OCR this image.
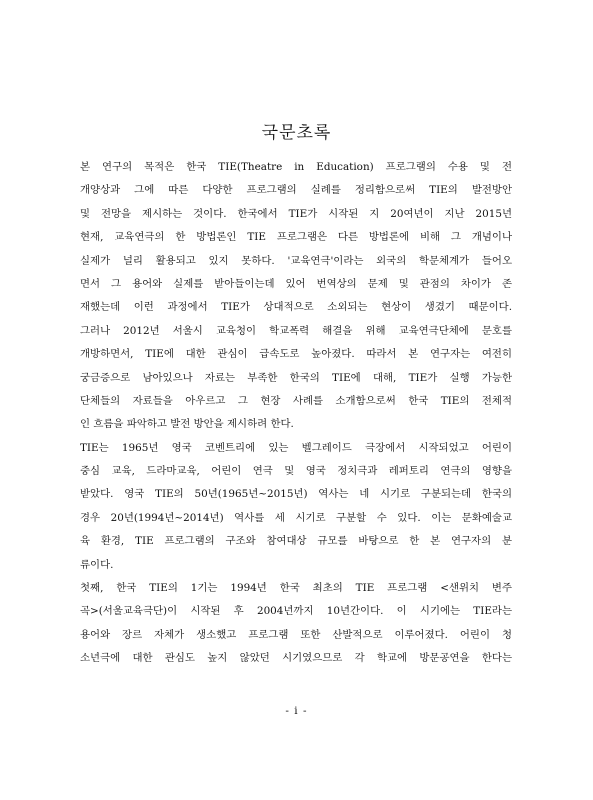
국문초록
본 연구의 목적은 한국 TIE(Theatre in Education) 프로그램의 수용 및 전
개양상과 그에 따른 다양한 프로그램의 실례를 정리함으로써 TIE의 발전방안
및 전망을 제시하는 것이다. 한국에서 TIE가 시작된 지 20여년이 지난 2015년
현재, 교육연극의 한 방법론인 TIE 프로그램은 다른 방법론에 비해 그 개념이나
실제가 널리 활용되고 있지 못하다. '교육연극'이라는 외국의 학문체계가 들어오
면서 그 용어와 실제를 받아들이는데 있어 번역상의 문제 및 관점의 차이가 존
재했는데 이런 과정에서 TIE가 상대적으로 소외되는 현상이 생겼기 때문이다.
그러나 2012년 서울시 교육청이 학교폭력 해결을 위해 교육연극단체에 문호를
개방하면서, TIE에 대한 관심이 급속도로 높아졌다. 따라서 본 연구자는 여전히
궁금증으로 남아있으나 자료는 부족한 한국의 TIE에 대해, TIE가 실행 가능한
단체들의 자료들을 아우르고 그 현장 사례를 소개함으로써 한국 TIE의 전체적
인 흐름을 파악하고 발전 방안을 제시하려 한다.
TIE는 1965년 영국 코벤트리에 있는 벨그레이드 극장에서 시작되었고 어린이
중심 교육, 드라마교육, 어린이 연극 및 영국 정치극과 레퍼토리 연극의 영향을
받았다. 영국 TIE의 50년(1965년~2015년) 역사는 네 시기로 구분되는데 한국의
경우 20년(1994년~2014년) 역사를 세 시기로 구분할 수 있다. 이는 문화예술교
육 환경, TIE 프로그램의 구조와 참여대상 규모를 바탕으로 한 본 연구자의 분
류이다.
첫째, 한국 TIE의 1기는 1994년 한국 최초의 TIE 프로그램 <샌위치 변주
곡>(서울교육극단)이 시작된 후 2004년까지 10년간이다. 이 시기에는 TIE라는
용어와 장르 자체가 생소했고 프로그램 또한 산발적으로 이루어졌다. 어린이 청
소년극에 대한 관심도 높지 않았던 시기였으므로 각 학교에 방문공연을 한다는
- i -
